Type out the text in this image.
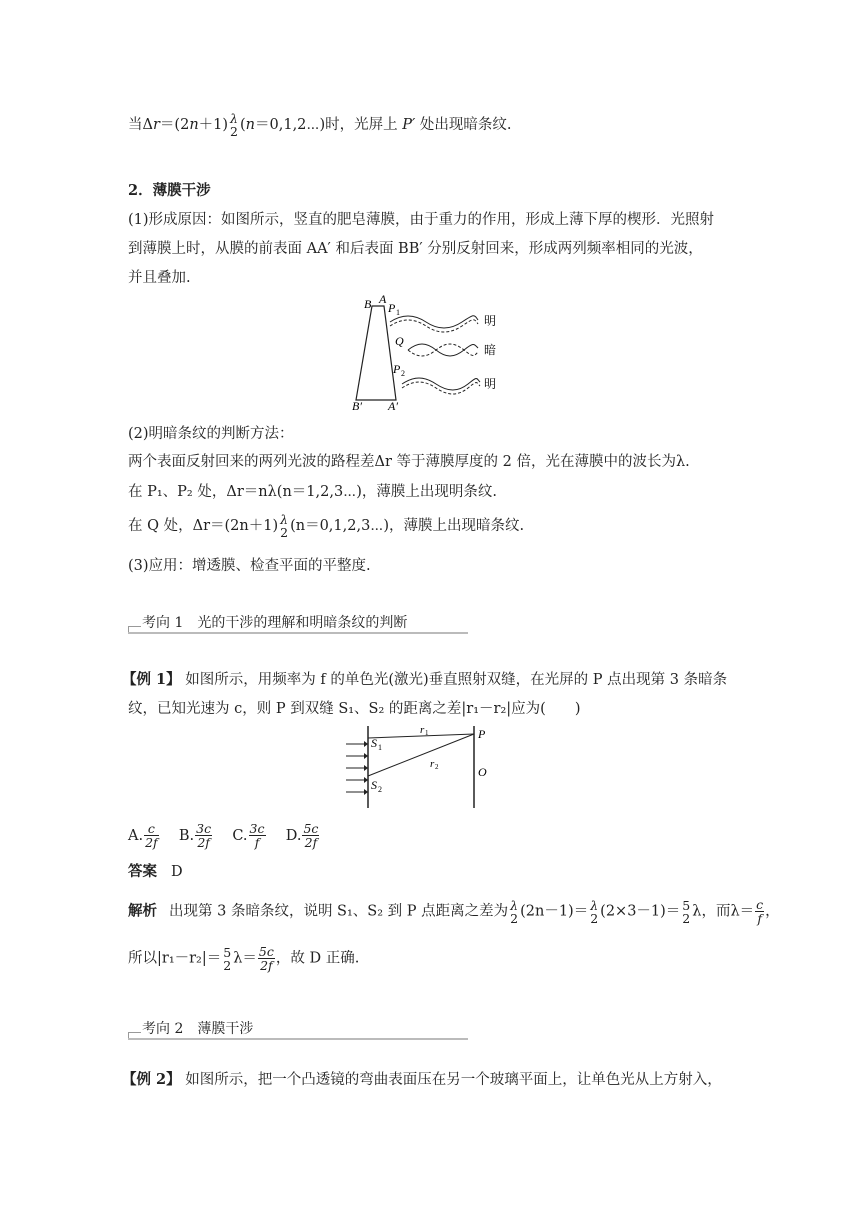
当Δr＝(2n＋1) λ
2 (n＝0,1,2⋯)时，光屏上 P′ 处出现暗条纹.
2．薄膜干涉
(1)形成原因：如图所示，竖直的肥皂薄膜，由于重力的作用，形成上薄下厚的楔形．光照射
到薄膜上时，从膜的前表面 AA′ 和后表面 BB′ 分别反射回来，形成两列频率相同的光波，
并且叠加.
B A
P 1
Q
P 2
B′ A′
明
暗
明
(2)明暗条纹的判断方法：
两个表面反射回来的两列光波的路程差Δr 等于薄膜厚度的 2 倍，光在薄膜中的波长为λ.
在 P₁、P₂ 处，Δr＝nλ(n＝1,2,3⋯)，薄膜上出现明条纹.
在 Q 处，Δr＝(2n＋1) λ
2 (n＝0,1,2,3⋯)，薄膜上出现暗条纹.
(3)应用：增透膜、检查平面的平整度.
考向 1　光的干涉的理解和明暗条纹的判断
【例 1】 如图所示，用频率为 f 的单色光(激光)垂直照射双缝，在光屏的 P 点出现第 3 条暗条
纹，已知光速为 c，则 P 到双缝 S₁、S₂ 的距离之差|r₁－r₂|应为(　　)
S 1
S 2
r 1
r 2
P
O
A. $\frac{c}{2f} B$. $\frac{3c}{2f} C$. $\frac{3c}{f} D$. $\frac{5c}{2f}$
答案 D
解析 出现第 3 条暗条纹，说明 S₁、S₂ 到 P 点距离之差为 λ
2 (2n－1)＝ λ
2 (2×3－1)＝ 5
2 λ，而$\lambda= \frac{c}{f}$ ，
所以|r₁－r₂|＝ 5
2 $\lambda= \frac{5c}{2f}$ ，故 D 正确.
考向 2　薄膜干涉
【例 2】 如图所示，把一个凸透镜的弯曲表面压在另一个玻璃平面上，让单色光从上方射入，
